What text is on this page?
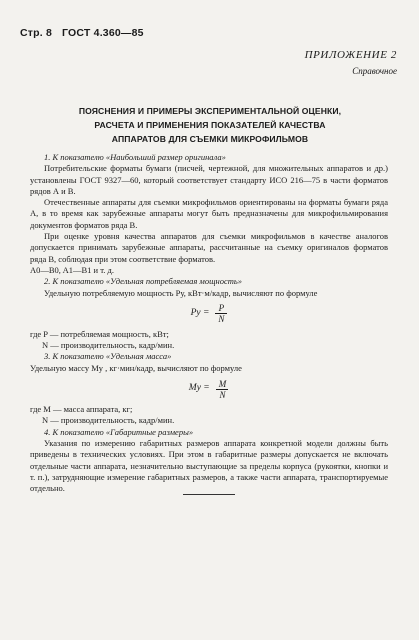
Стр. 8 ГОСТ 4.360—85
ПРИЛОЖЕНИЕ 2
Справочное
ПОЯСНЕНИЯ И ПРИМЕРЫ ЭКСПЕРИМЕНТАЛЬНОЙ ОЦЕНКИ,
РАСЧЕТА И ПРИМЕНЕНИЯ ПОКАЗАТЕЛЕЙ КАЧЕСТВА
АППАРАТОВ ДЛЯ СЪЕМКИ МИКРОФИЛЬМОВ

1. К показателю «Наибольший размер оригинала»

Потребительские форматы бумаги (писчей, чертежной, для множительных аппаратов и др.) установлены ГОСТ 9327—60, который соответствует стандарту ИСО 216—75 в части форматов рядов А и В.

Отечественные аппараты для съемки микрофильмов ориентированы на форматы бумаги ряда А, в то время как зарубежные аппараты могут быть предназначены для микрофильмирования документов форматов ряда В.

При оценке уровня качества аппаратов для съемки микрофильмов в качестве аналогов допускается принимать зарубежные аппараты, рассчитанные на съемку оригиналов форматов ряда В, соблюдая при этом соответствие форматов.

A0—B0, A1—B1 и т. д.

2. К показателю «Удельная потребляемая мощность»

Удельную потребляемую мощность Pу, кВт·м/кадр, вычисляют по формуле

Pу = $\frac{P}{N}$

где P — потребляемая мощность, кВт;

N — производительность, кадр/мин.

3. К показателю «Удельная масса»

Удельную массу Mу , кг·мин/кадр, вычисляют по формуле

Mу = $\frac{M}{N}$

где M — масса аппарата, кг;

N — производительность, кадр/мин.

4. К показателю «Габаритные размеры»

Указания по измерению габаритных размеров аппарата конкретной модели должны быть приведены в технических условиях. При этом в габаритные размеры допускается не включать отдельные части аппарата, незначительно выступающие за пределы корпуса (рукоятки, кнопки и т. п.), затрудняющие измерение габаритных размеров, а также части аппарата, транспортируемые отдельно.
